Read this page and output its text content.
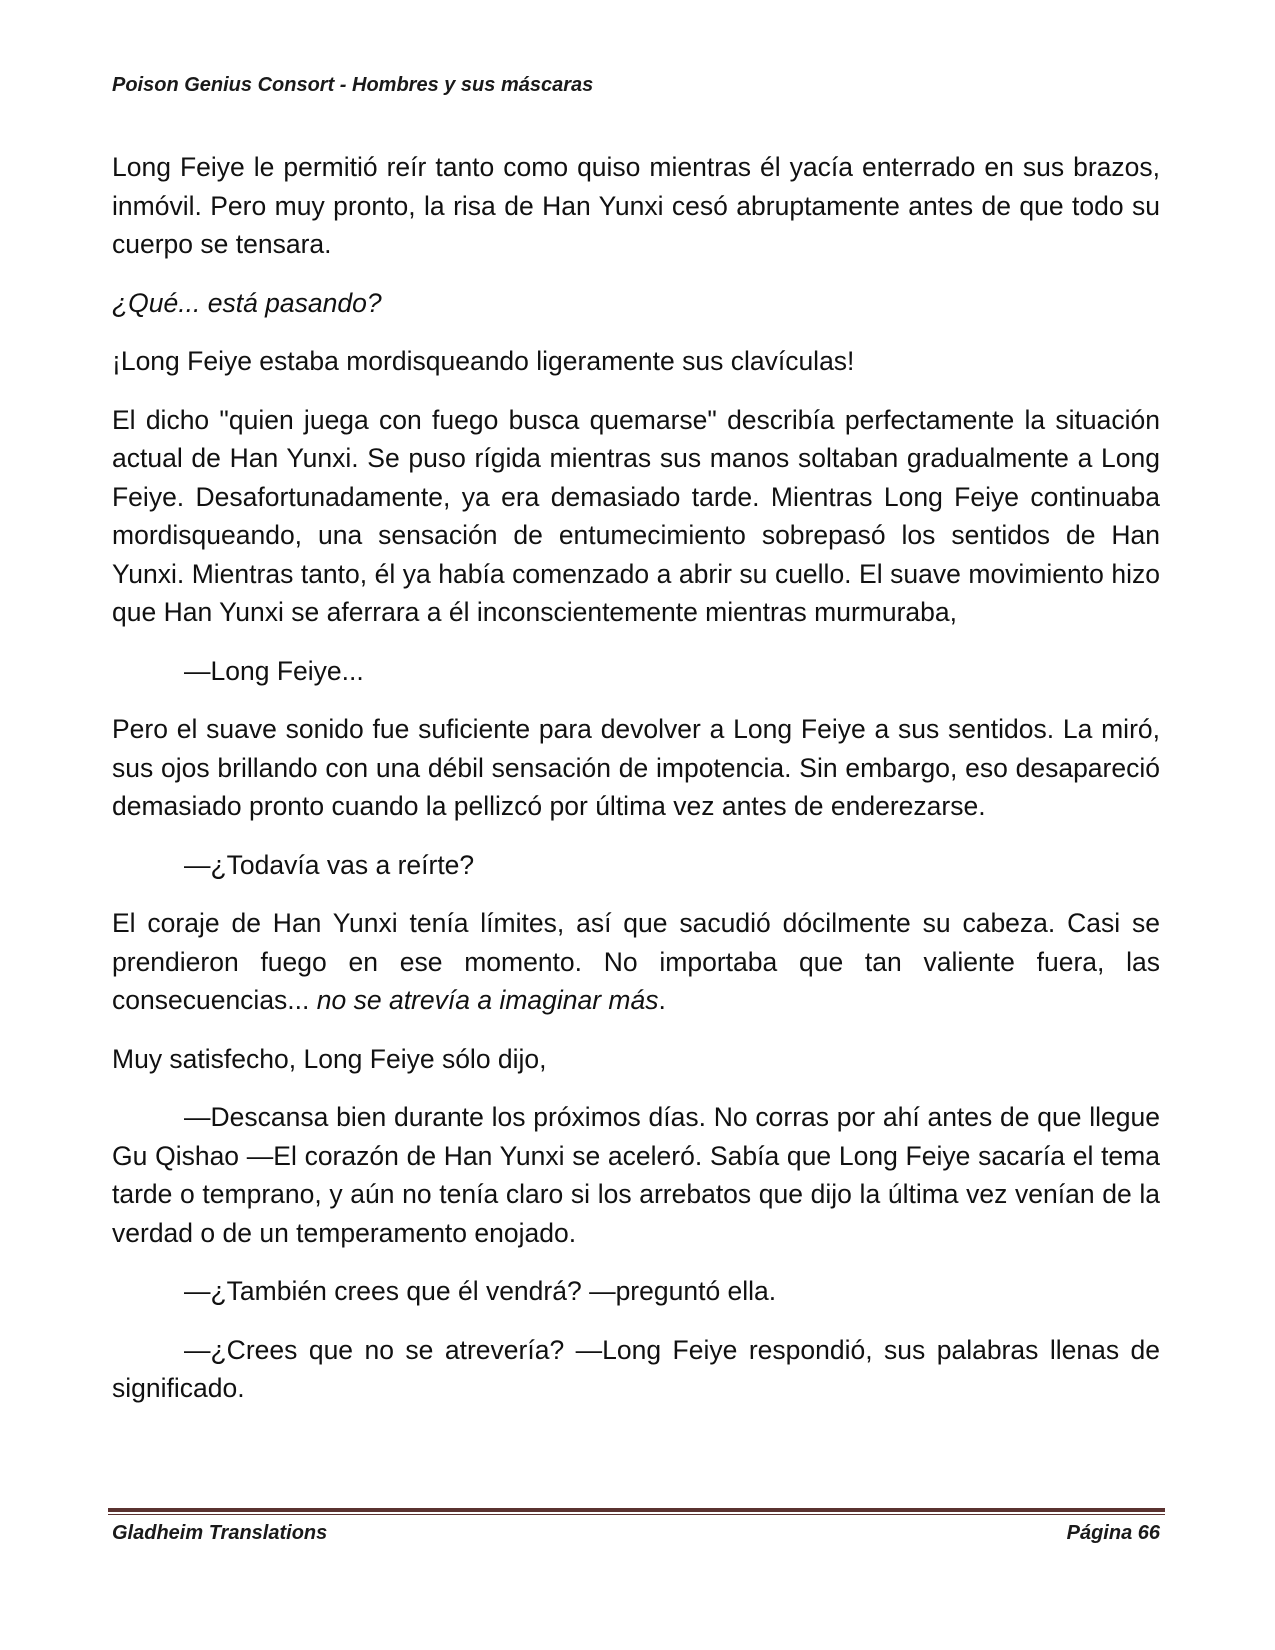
Poison Genius Consort - Hombres y sus máscaras

Long Feiye le permitió reír tanto como quiso mientras él yacía enterrado en sus brazos, inmóvil. Pero muy pronto, la risa de Han Yunxi cesó abruptamente antes de que todo su cuerpo se tensara.

¿Qué... está pasando?

¡Long Feiye estaba mordisqueando ligeramente sus clavículas!

El dicho "quien juega con fuego busca quemarse" describía perfectamente la situación actual de Han Yunxi. Se puso rígida mientras sus manos soltaban gradualmente a Long Feiye. Desafortunadamente, ya era demasiado tarde. Mientras Long Feiye continuaba mordisqueando, una sensación de entumecimiento sobrepasó los sentidos de Han Yunxi. Mientras tanto, él ya había comenzado a abrir su cuello. El suave movimiento hizo que Han Yunxi se aferrara a él inconscientemente mientras murmuraba,

—Long Feiye...

Pero el suave sonido fue suficiente para devolver a Long Feiye a sus sentidos. La miró, sus ojos brillando con una débil sensación de impotencia. Sin embargo, eso desapareció demasiado pronto cuando la pellizcó por última vez antes de enderezarse.

—¿Todavía vas a reírte?

El coraje de Han Yunxi tenía límites, así que sacudió dócilmente su cabeza. Casi se prendieron fuego en ese momento. No importaba que tan valiente fuera, las consecuencias... no se atrevía a imaginar más.

Muy satisfecho, Long Feiye sólo dijo,

—Descansa bien durante los próximos días. No corras por ahí antes de que llegue Gu Qishao —El corazón de Han Yunxi se aceleró. Sabía que Long Feiye sacaría el tema tarde o temprano, y aún no tenía claro si los arrebatos que dijo la última vez venían de la verdad o de un temperamento enojado.

—¿También crees que él vendrá? —preguntó ella.

—¿Crees que no se atrevería? —Long Feiye respondió, sus palabras llenas de significado.

Gladheim Translations	Página 66
